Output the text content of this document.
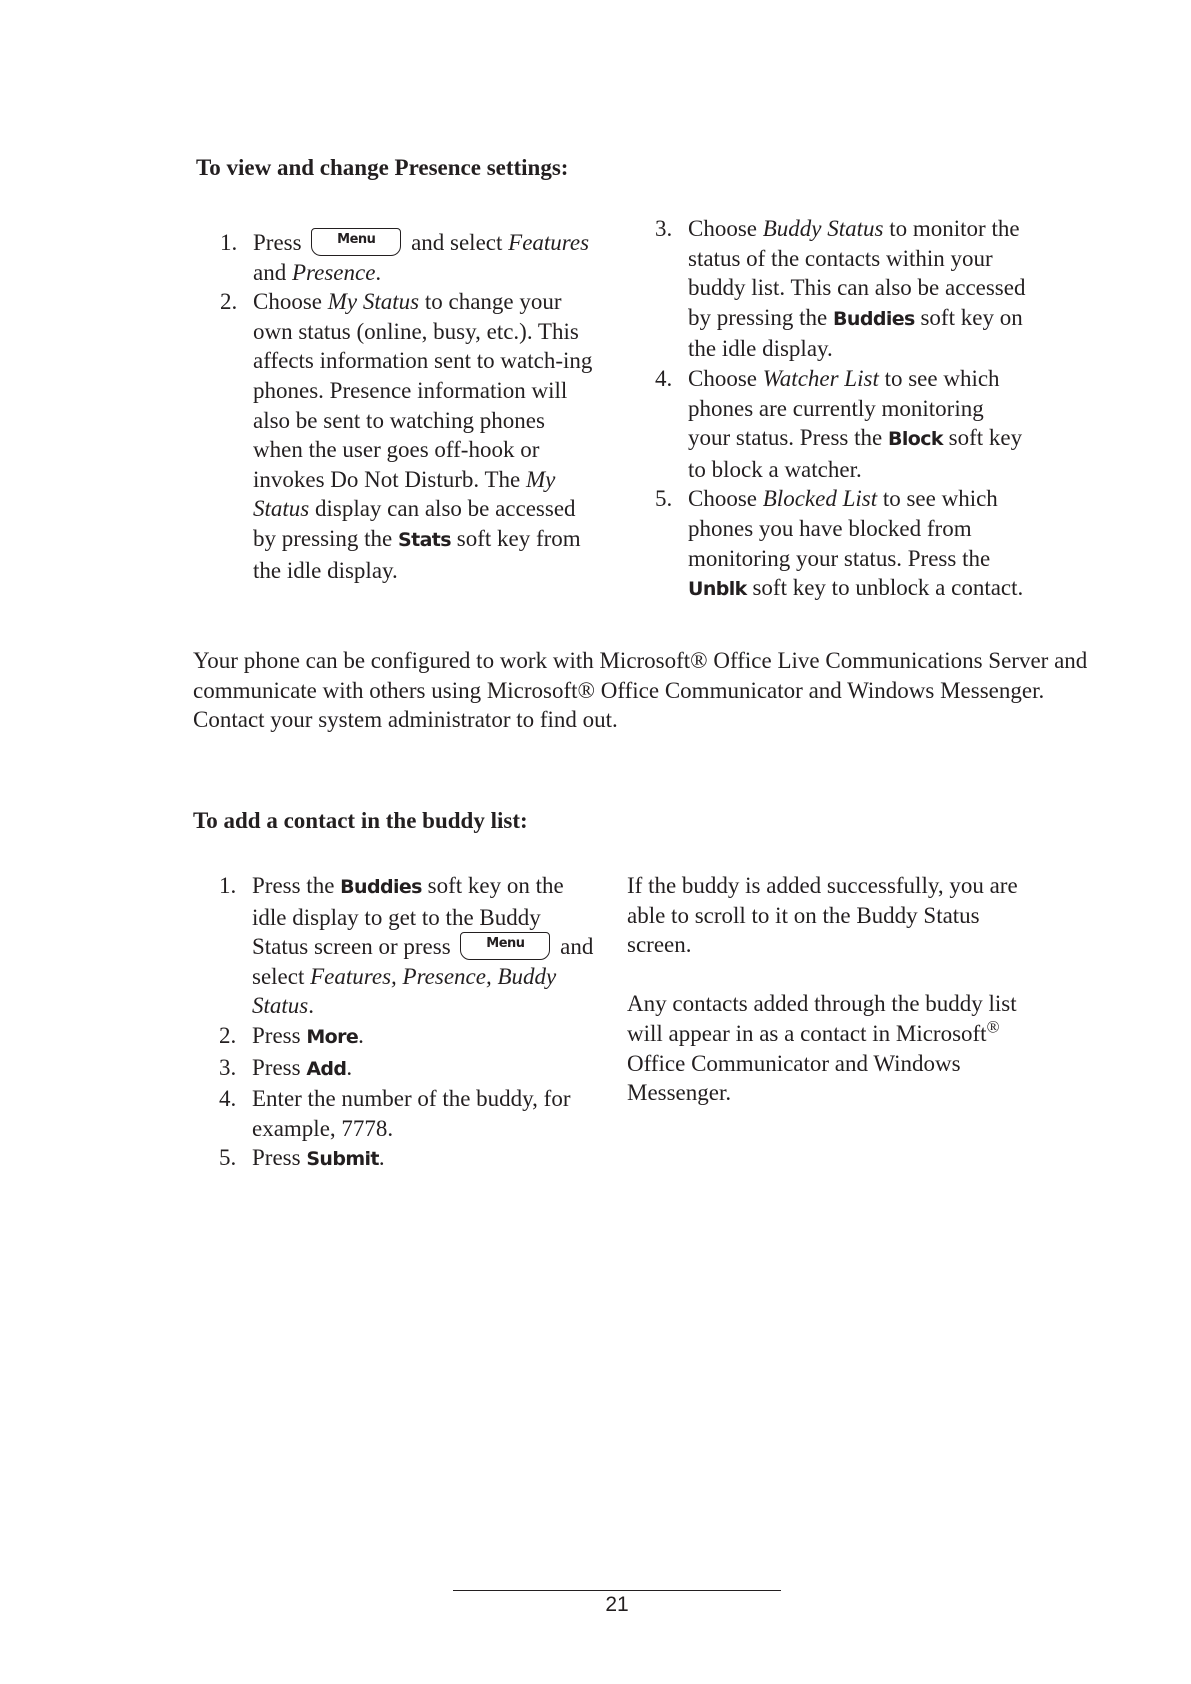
To view and change Presence settings:
1. Press	Menu and select Features and Presence.
2. Choose My Status to change your own status (online, busy, etc.). This affects information sent to watch-ing phones. Presence information will also be sent to watching phones when the user goes off-hook or invokes Do Not Disturb. The My Status display can also be accessed by pressing the Stats soft key from the idle display.
3. Choose Buddy Status to monitor the status of the contacts within your buddy list. This can also be accessed by pressing the Buddies soft key on the idle display.
4. Choose Watcher List to see which phones are currently monitoring your status. Press the Block soft key to block a watcher.
5. Choose Blocked List to see which phones you have blocked from monitoring your status. Press the Unblk soft key to unblock a contact.

Your phone can be configured to work with Microsoft® Office Live Communications Server and communicate with others using Microsoft® Office Communicator and Windows Messenger. Contact your system administrator to find out.

To add a contact in the buddy list:
1. Press the Buddies soft key on the idle display to get to the Buddy Status screen or press	Menu and select Features, Presence, Buddy Status.
2. Press More.
3. Press Add.
4. Enter the number of the buddy, for example, 7778.
5. Press Submit.

If the buddy is added successfully, you are able to scroll to it on the Buddy Status screen.

Any contacts added through the buddy list will appear in as a contact in Microsoft® Office Communicator and Windows Messenger.

21
